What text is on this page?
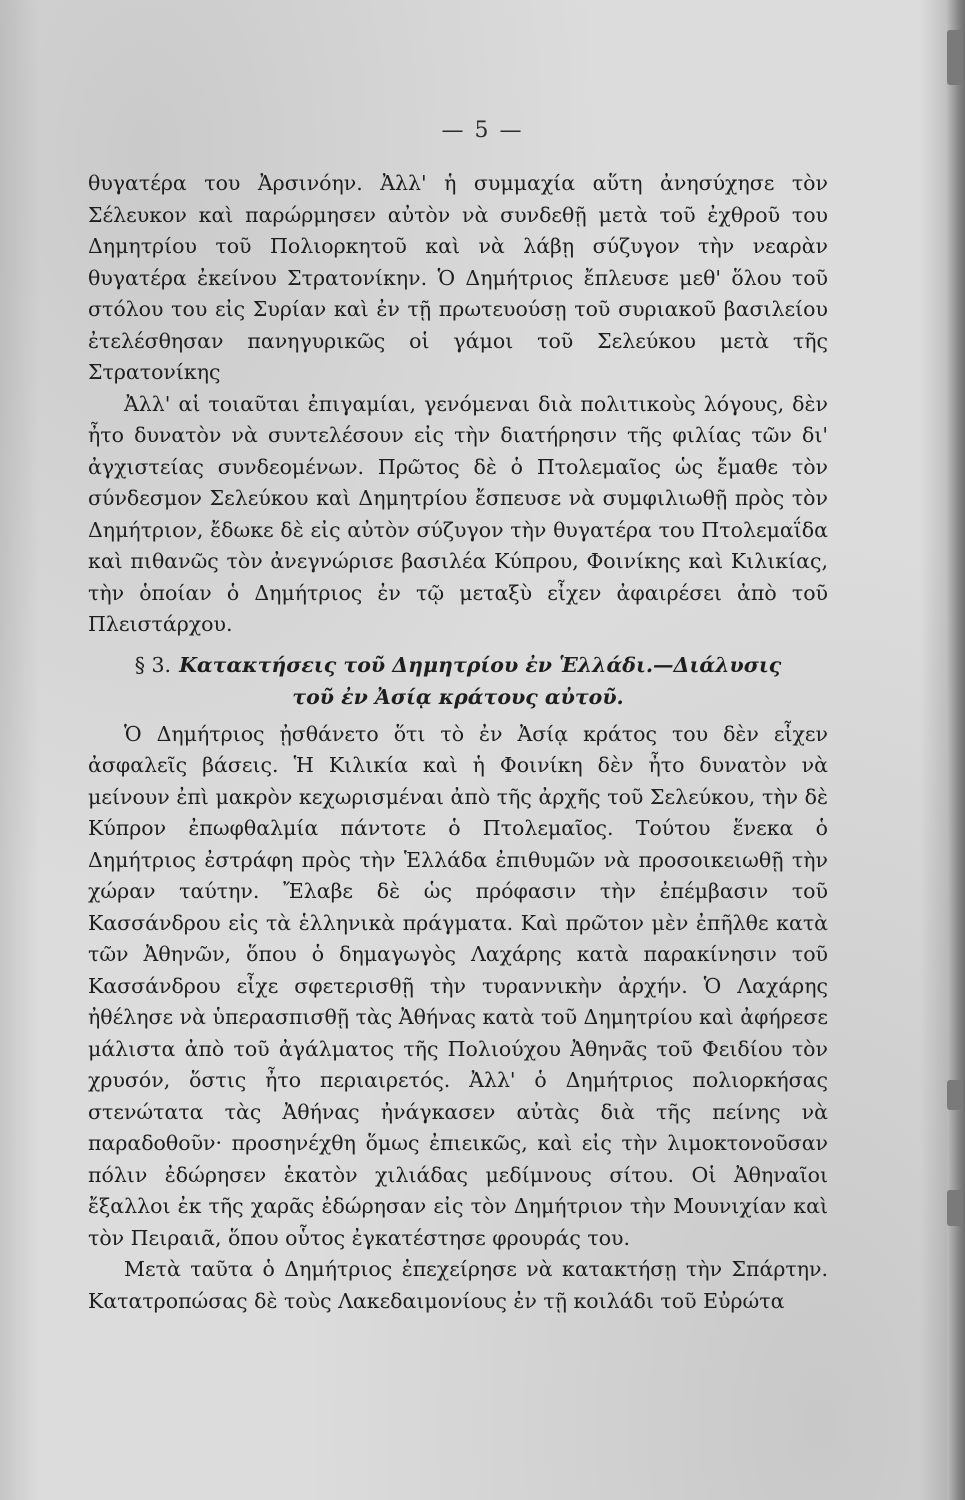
— 5 —

θυγατέρα του Ἀρσινόην. Ἀλλ' ἡ συμμαχία αὕτη ἀνησύχησε τὸν Σέλευκον καὶ παρώρμησεν αὐτὸν νὰ συνδεθῇ μετὰ τοῦ ἐχθροῦ του Δημητρίου τοῦ Πολιορκητοῦ καὶ νὰ λάβῃ σύζυγον τὴν νεαρὰν θυγατέρα ἐκείνου Στρατονίκην. Ὁ Δημήτριος ἔπλευσε μεθ' ὅλου τοῦ στόλου του εἰς Συρίαν καὶ ἐν τῇ πρωτευούσῃ τοῦ συριακοῦ βασιλείου ἐτελέσθησαν πανηγυρικῶς οἱ γάμοι τοῦ Σελεύκου μετὰ τῆς Στρατονίκης

Ἀλλ' αἱ τοιαῦται ἐπιγαμίαι, γενόμεναι διὰ πολιτικοὺς λόγους, δὲν ἦτο δυνατὸν νὰ συντελέσουν εἰς τὴν διατήρησιν τῆς φιλίας τῶν δι' ἀγχιστείας συνδεομένων. Πρῶτος δὲ ὁ Πτολεμαῖος ὡς ἔμαθε τὸν σύνδεσμον Σελεύκου καὶ Δημητρίου ἔσπευσε νὰ συμφιλιωθῇ πρὸς τὸν Δημήτριον, ἔδωκε δὲ εἰς αὐτὸν σύζυγον τὴν θυγατέρα του Πτολεμαΐδα καὶ πιθανῶς τὸν ἀνεγνώρισε βασιλέα Κύπρου, Φοινίκης καὶ Κιλικίας, τὴν ὁποίαν ὁ Δημήτριος ἐν τῷ μεταξὺ εἶχεν ἀφαιρέσει ἀπὸ τοῦ Πλειστάρχου.

§ 3. Κατακτήσεις τοῦ Δημητρίου ἐν Ἑλλάδι.—Διάλυσις
τοῦ ἐν Ἀσίᾳ κράτους αὐτοῦ.

Ὁ Δημήτριος ᾐσθάνετο ὅτι τὸ ἐν Ἀσίᾳ κράτος του δὲν εἶχεν ἀσφαλεῖς βάσεις. Ἡ Κιλικία καὶ ἡ Φοινίκη δὲν ἦτο δυνατὸν νὰ μείνουν ἐπὶ μακρὸν κεχωρισμέναι ἀπὸ τῆς ἀρχῆς τοῦ Σελεύκου, τὴν δὲ Κύπρον ἐπωφθαλμία πάντοτε ὁ Πτολεμαῖος. Τούτου ἕνεκα ὁ Δημήτριος ἐστράφη πρὸς τὴν Ἑλλάδα ἐπιθυμῶν νὰ προσοικειωθῇ τὴν χώραν ταύτην. Ἔλαβε δὲ ὡς πρόφασιν τὴν ἐπέμβασιν τοῦ Κασσάνδρου εἰς τὰ ἑλληνικὰ πράγματα. Καὶ πρῶτον μὲν ἐπῆλθε κατὰ τῶν Ἀθηνῶν, ὅπου ὁ δημαγωγὸς Λαχάρης κατὰ παρακίνησιν τοῦ Κασσάνδρου εἶχε σφετερισθῇ τὴν τυραννικὴν ἀρχήν. Ὁ Λαχάρης ἠθέλησε νὰ ὑπερασπισθῇ τὰς Ἀθήνας κατὰ τοῦ Δημητρίου καὶ ἀφήρεσε μάλιστα ἀπὸ τοῦ ἀγάλματος τῆς Πολιούχου Ἀθηνᾶς τοῦ Φειδίου τὸν χρυσόν, ὅστις ἦτο περιαιρετός. Ἀλλ' ὁ Δημήτριος πολιορκήσας στενώτατα τὰς Ἀθήνας ἠνάγκασεν αὐτὰς διὰ τῆς πείνης νὰ παραδοθοῦν· προσηνέχθη ὅμως ἐπιεικῶς, καὶ εἰς τὴν λιμοκτονοῦσαν πόλιν ἐδώρησεν ἑκατὸν χιλιάδας μεδίμνους σίτου. Οἱ Ἀθηναῖοι ἔξαλλοι ἐκ τῆς χαρᾶς ἐδώρησαν εἰς τὸν Δημήτριον τὴν Μουνιχίαν καὶ τὸν Πειραιᾶ, ὅπου οὗτος ἐγκατέστησε φρουράς του.

Μετὰ ταῦτα ὁ Δημήτριος ἐπεχείρησε νὰ κατακτήσῃ τὴν Σπάρτην. Κατατροπώσας δὲ τοὺς Λακεδαιμονίους ἐν τῇ κοιλάδι τοῦ Εὐρώτα
